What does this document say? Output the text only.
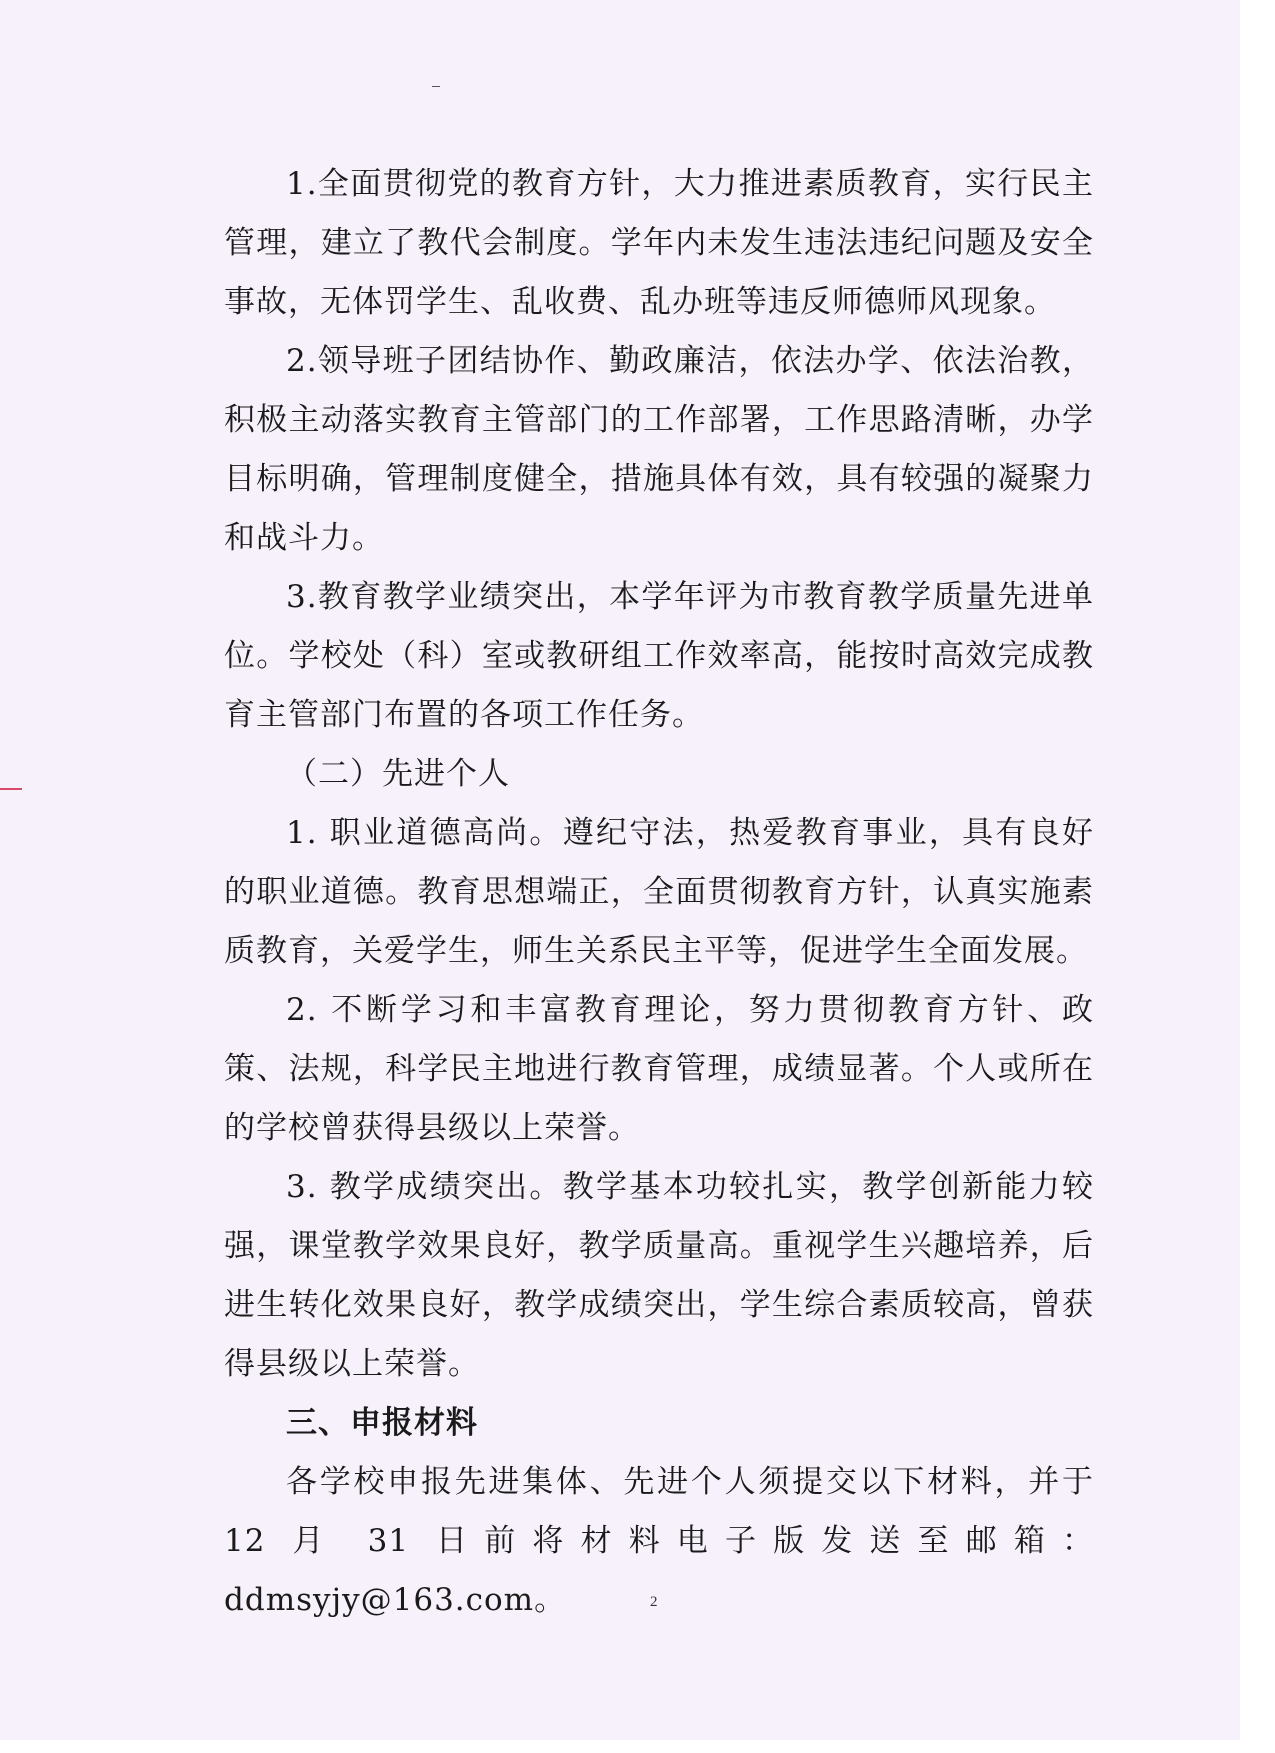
1.全面贯彻党的教育方针，大力推进素质教育，实行民主管理，建立了教代会制度。学年内未发生违法违纪问题及安全事故，无体罚学生、乱收费、乱办班等违反师德师风现象。

2.领导班子团结协作、勤政廉洁，依法办学、依法治教，积极主动落实教育主管部门的工作部署，工作思路清晰，办学目标明确，管理制度健全，措施具体有效，具有较强的凝聚力和战斗力。

3.教育教学业绩突出，本学年评为市教育教学质量先进单位。学校处（科）室或教研组工作效率高，能按时高效完成教育主管部门布置的各项工作任务。

（二）先进个人

1. 职业道德高尚。遵纪守法，热爱教育事业，具有良好的职业道德。教育思想端正，全面贯彻教育方针，认真实施素质教育，关爱学生，师生关系民主平等，促进学生全面发展。

2. 不断学习和丰富教育理论，努力贯彻教育方针、政策、法规，科学民主地进行教育管理，成绩显著。个人或所在的学校曾获得县级以上荣誉。

3. 教学成绩突出。教学基本功较扎实，教学创新能力较强，课堂教学效果良好，教学质量高。重视学生兴趣培养，后进生转化效果良好，教学成绩突出，学生综合素质较高，曾获得县级以上荣誉。

三、申报材料

各学校申报先进集体、先进个人须提交以下材料，并于 12 月 31 日前将材料电子版发送至邮箱：ddmsyjy@163.com。	2
